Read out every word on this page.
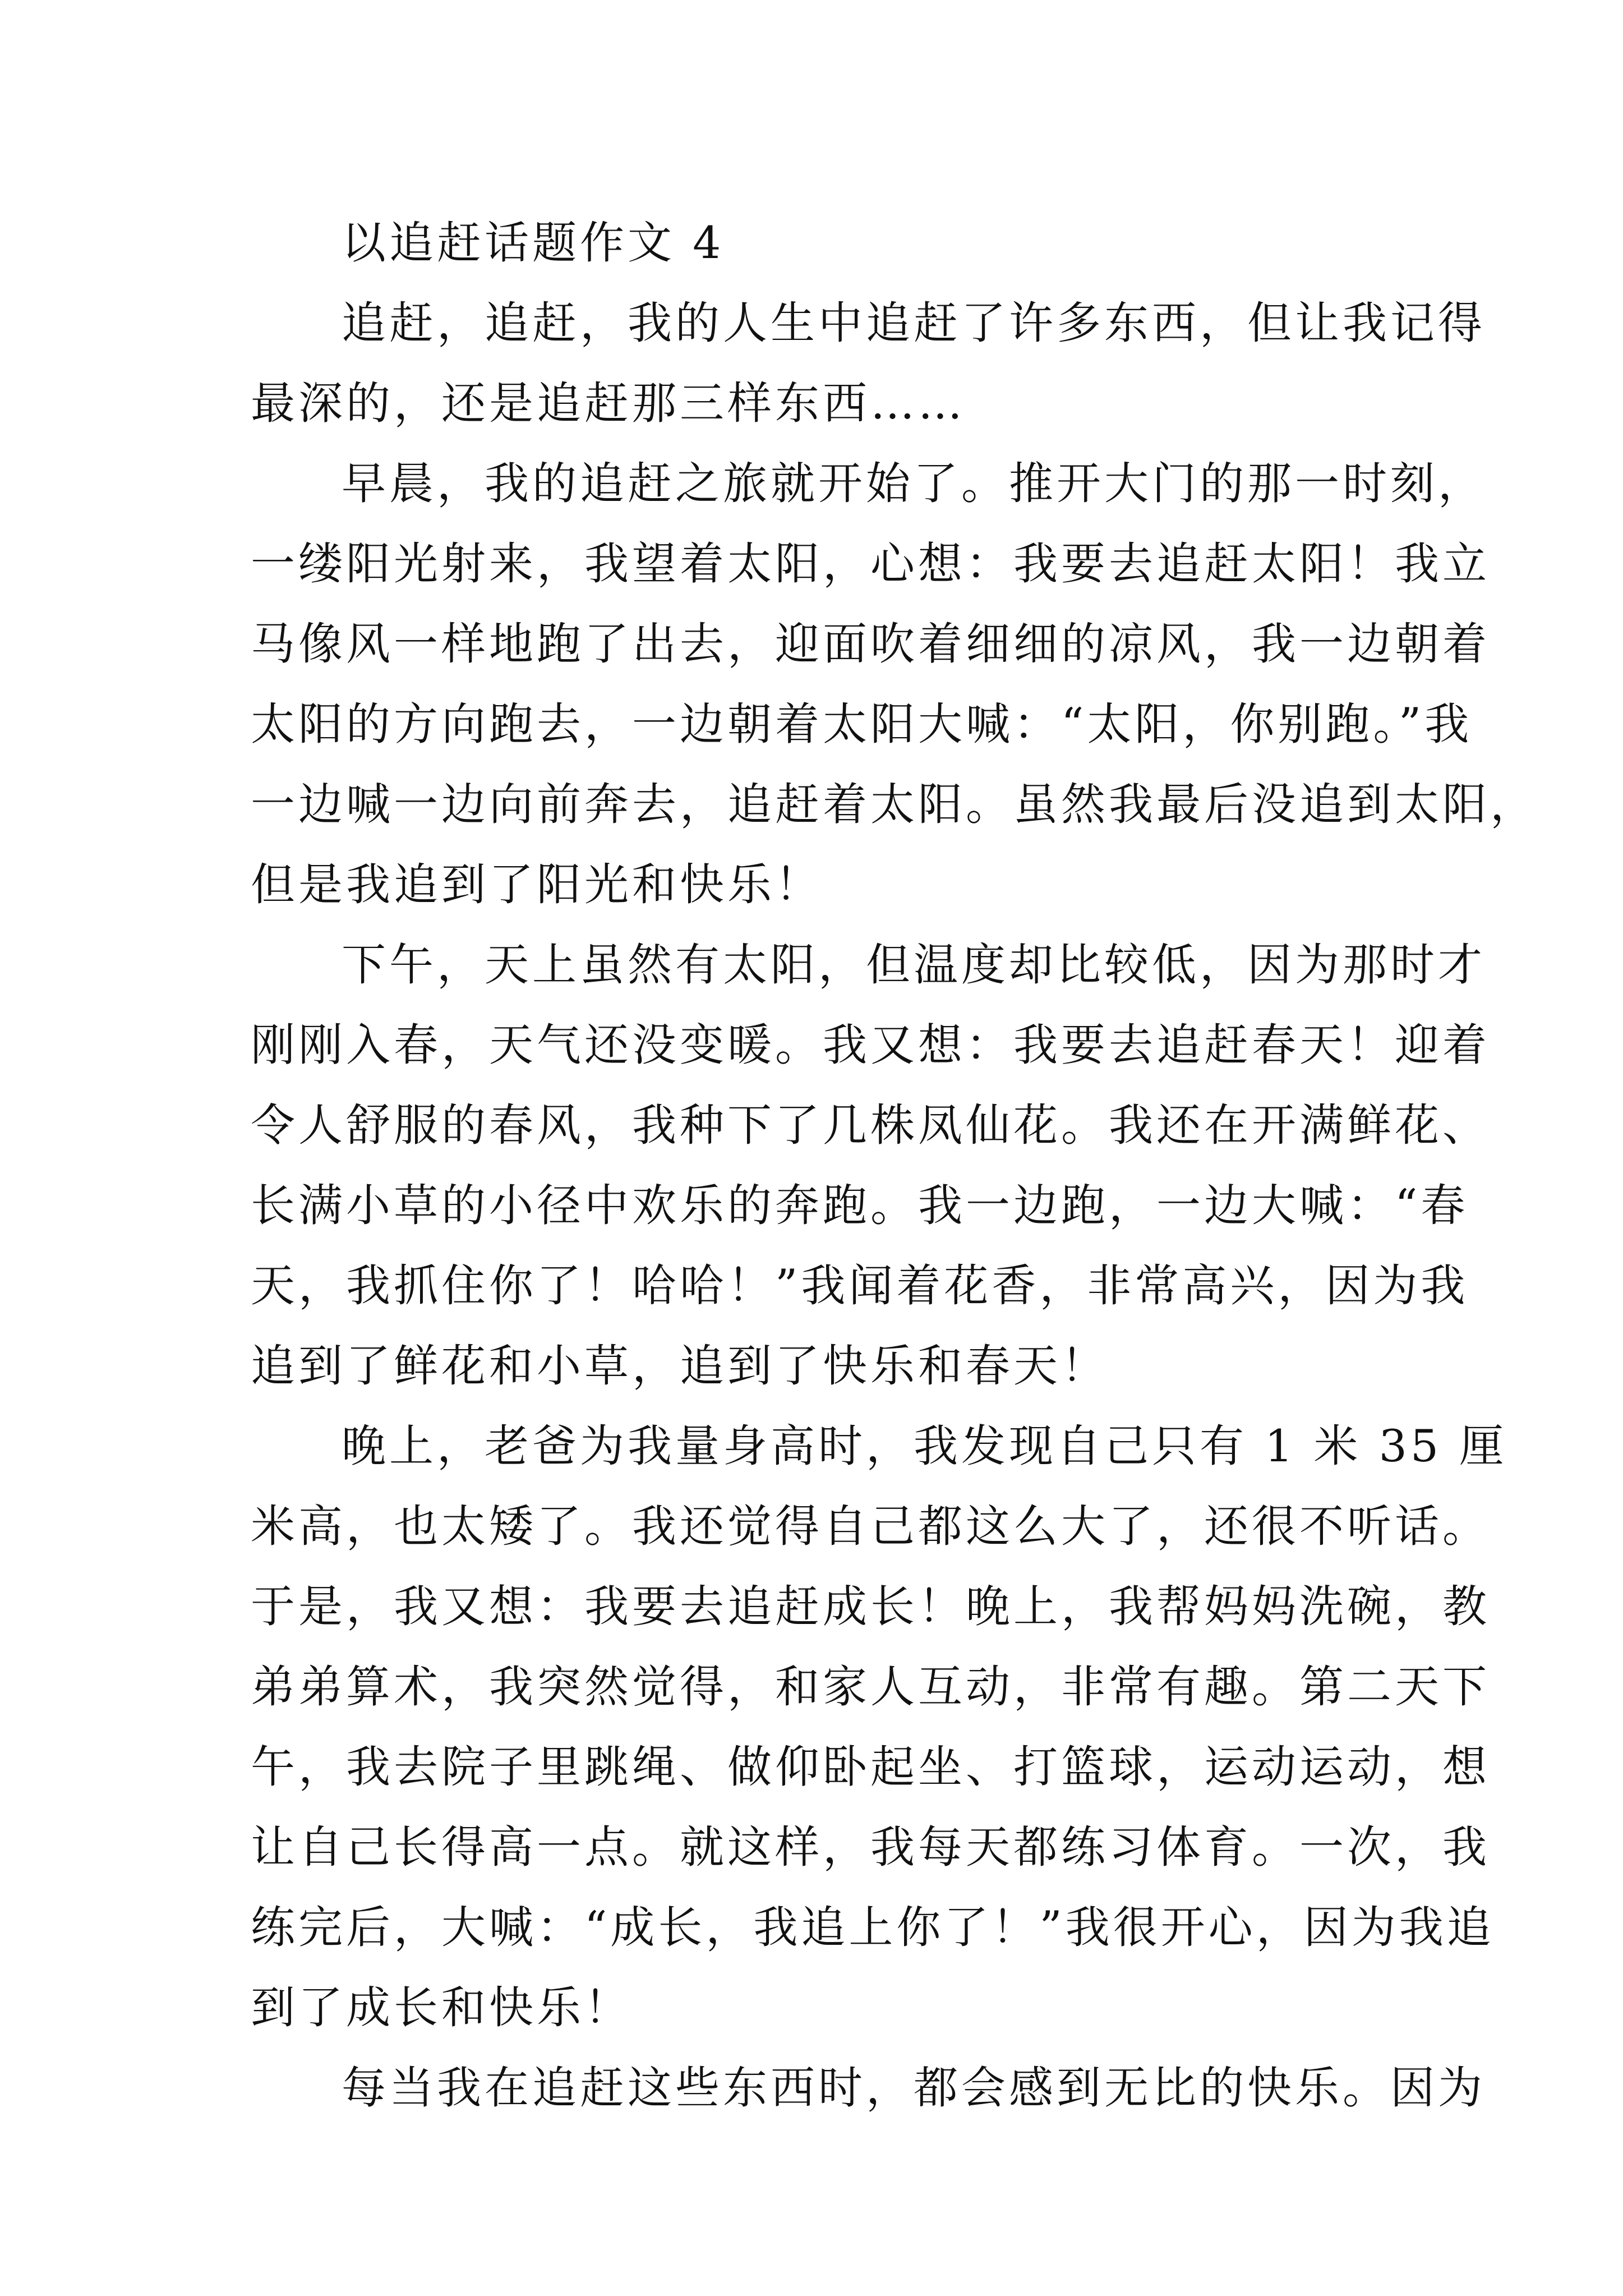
以追赶话题作文 4
追赶，追赶，我的人生中追赶了许多东西，但让我记得
最深的，还是追赶那三样东西……
早晨，我的追赶之旅就开始了。推开大门的那一时刻，
一缕阳光射来，我望着太阳，心想：我要去追赶太阳！我立
马像风一样地跑了出去，迎面吹着细细的凉风，我一边朝着
太阳的方向跑去，一边朝着太阳大喊：“太阳，你别跑。”我
一边喊一边向前奔去，追赶着太阳。虽然我最后没追到太阳，
但是我追到了阳光和快乐！
下午，天上虽然有太阳，但温度却比较低，因为那时才
刚刚入春，天气还没变暖。我又想：我要去追赶春天！迎着
令人舒服的春风，我种下了几株凤仙花。我还在开满鲜花、
长满小草的小径中欢乐的奔跑。我一边跑，一边大喊：“春
天，我抓住你了！哈哈！”我闻着花香，非常高兴，因为我
追到了鲜花和小草，追到了快乐和春天！
晚上，老爸为我量身高时，我发现自己只有 1 米 35 厘
米高，也太矮了。我还觉得自己都这么大了，还很不听话。
于是，我又想：我要去追赶成长！晚上，我帮妈妈洗碗，教
弟弟算术，我突然觉得，和家人互动，非常有趣。第二天下
午，我去院子里跳绳、做仰卧起坐、打篮球，运动运动，想
让自己长得高一点。就这样，我每天都练习体育。一次，我
练完后，大喊：“成长，我追上你了！”我很开心，因为我追
到了成长和快乐！
每当我在追赶这些东西时，都会感到无比的快乐。因为
